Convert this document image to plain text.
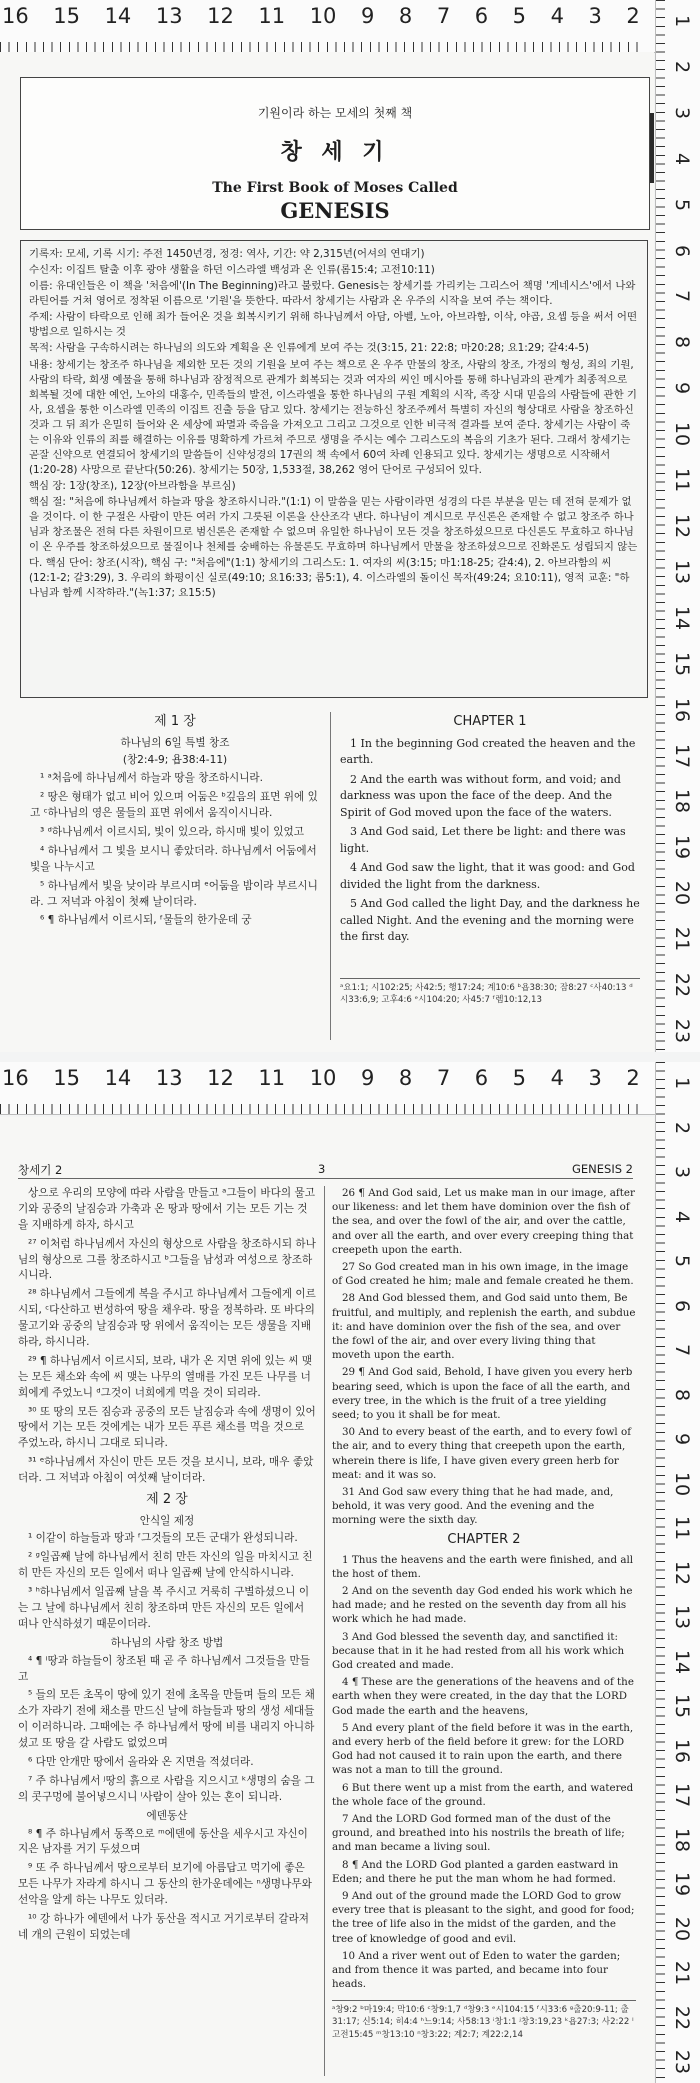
16 15 14 13 12 11 10 9 8 7 6 5 4 3 2 1
2
3
4
5
6
7
8
9
10
11
12
13
14
15
16
17
18
19
20
21
22
23
기원이라 하는 모세의 첫째 책
창 세 기
The First Book of Moses Called
GENESIS

기록자: 모세, 기록 시기: 주전 1450년경, 정경: 역사, 기간: 약 2,315년(어셔의 연대기)

수신자: 이집트 탈출 이후 광야 생활을 하던 이스라엘 백성과 온 인류(롬15:4; 고전10:11)

이름: 유대인들은 이 책을 '처음에'(In The Beginning)라고 불렀다. Genesis는 창세기를 가리키는 그리스어 책명 '게네시스'에서 나와 라틴어를 거쳐 영어로 정착된 이름으로 '기원'을 뜻한다. 따라서 창세기는 사람과 온 우주의 시작을 보여 주는 책이다.

주제: 사람이 타락으로 인해 죄가 들어온 것을 회복시키기 위해 하나님께서 아담, 아벨, 노아, 아브라함, 이삭, 야곱, 요셉 등을 써서 어떤 방법으로 일하시는 것

목적: 사람을 구속하시려는 하나님의 의도와 계획을 온 인류에게 보여 주는 것(3:15, 21: 22:8; 마20:28; 요1:29; 갈4:4-5)

내용: 창세기는 창조주 하나님을 제외한 모든 것의 기원을 보여 주는 책으로 온 우주 만물의 창조, 사람의 창조, 가정의 형성, 죄의 기원, 사람의 타락, 희생 예물을 통해 하나님과 잠정적으로 관계가 회복되는 것과 여자의 씨인 메시아를 통해 하나님과의 관계가 최종적으로 회복될 것에 대한 예언, 노아의 대홍수, 민족들의 발전, 이스라엘을 통한 하나님의 구원 계획의 시작, 족장 시대 믿음의 사람들에 관한 기사, 요셉을 통한 이스라엘 민족의 이집트 진출 등을 담고 있다. 창세기는 전능하신 창조주께서 특별히 자신의 형상대로 사람을 창조하신 것과 그 뒤 죄가 은밀히 들어와 온 세상에 파멸과 죽음을 가져오고 그리고 그것으로 인한 비극적 결과를 보여 준다. 창세기는 사람이 죽는 이유와 인류의 죄를 해결하는 이유를 명확하게 가르쳐 주므로 생명을 주시는 예수 그리스도의 복음의 기초가 된다. 그래서 창세기는 곧잘 신약으로 연결되어 창세기의 말씀들이 신약성경의 17권의 책 속에서 60여 차례 인용되고 있다. 창세기는 생명으로 시작해서(1:20-28) 사망으로 끝난다(50:26). 창세기는 50장, 1,533절, 38,262 영어 단어로 구성되어 있다.

핵심 장: 1장(창조), 12장(아브라함을 부르심)

핵심 절: "처음에 하나님께서 하늘과 땅을 창조하시니라."(1:1) 이 말씀을 믿는 사람이라면 성경의 다른 부분을 믿는 데 전혀 문제가 없을 것이다. 이 한 구절은 사람이 만든 여러 가지 그릇된 이론을 산산조각 낸다. 하나님이 계시므로 무신론은 존재할 수 없고 창조주 하나님과 창조물은 전혀 다른 차원이므로 범신론은 존재할 수 없으며 유일한 하나님이 모든 것을 창조하셨으므로 다신론도 무효하고 하나님이 온 우주를 창조하셨으므로 물질이나 천체를 숭배하는 유물론도 무효하며 하나님께서 만물을 창조하셨으므로 진화론도 성립되지 않는다. 핵심 단어: 창조(시작), 핵심 구: "처음에"(1:1) 창세기의 그리스도: 1. 여자의 씨(3:15; 마1:18-25; 갈4:4), 2. 아브라함의 씨(12:1-2; 갈3:29), 3. 우리의 화평이신 실로(49:10; 요16:33; 롬5:1), 4. 이스라엘의 돌이신 목자(49:24; 요10:11), 영적 교훈: "하나님과 함께 시작하라."(녹1:37; 요15:5)

제 1 장
하나님의 6일 특별 창조
(창2:4-9; 욥38:4-11)

¹ ᵃ처음에 하나님께서 하늘과 땅을 창조하시니라.

² 땅은 형태가 없고 비어 있으며 어둠은 ᵇ깊음의 표면 위에 있고 ᶜ하나님의 영은 물들의 표면 위에서 움직이시니라.

³ ᵈ하나님께서 이르시되, 빛이 있으라, 하시매 빛이 있었고

⁴ 하나님께서 그 빛을 보시니 좋았더라. 하나님께서 어둠에서 빛을 나누시고

⁵ 하나님께서 빛을 낮이라 부르시며 ᵉ어둠을 밤이라 부르시니라. 그 저녁과 아침이 첫째 날이더라.

⁶ ¶ 하나님께서 이르시되, ᶠ물들의 한가운데 궁

CHAPTER 1

1 In the beginning God created the heaven and the earth.

2 And the earth was without form, and void; and darkness was upon the face of the deep. And the Spirit of God moved upon the face of the waters.

3 And God said, Let there be light: and there was light.

4 And God saw the light, that it was good: and God divided the light from the darkness.

5 And God called the light Day, and the darkness he called Night. And the evening and the morning were the first day.

ᵃ요1:1; 시102:25; 사42:5; 행17:24; 계10:6 ᵇ욥38:30; 잠8:27 ᶜ사40:13 ᵈ시33:6,9; 고후4:6 ᵉ시104:20; 사45:7 ᶠ렘10:12,13
16 15 14 13 12 11 10 9 8 7 6 5 4 3 2 1
2
3
4
5
6
7
8
9
10
11
12
13
14
15
16
17
18
19
20
21
22
23
창세기 2	3	GENESIS 2

상으로 우리의 모양에 따라 사람을 만들고 ᵃ그들이 바다의 물고기와 공중의 날짐승과 가축과 온 땅과 땅에서 기는 모든 기는 것을 지배하게 하자, 하시고

²⁷ 이처럼 하나님께서 자신의 형상으로 사람을 창조하시되 하나님의 형상으로 그를 창조하시고 ᵇ그들을 남성과 여성으로 창조하시니라.

²⁸ 하나님께서 그들에게 복을 주시고 하나님께서 그들에게 이르시되, ᶜ다산하고 번성하여 땅을 채우라. 땅을 정복하라. 또 바다의 물고기와 공중의 날짐승과 땅 위에서 움직이는 모든 생물을 지배하라, 하시니라.

²⁹ ¶ 하나님께서 이르시되, 보라, 내가 온 지면 위에 있는 씨 맺는 모든 채소와 속에 씨 맺는 나무의 열매를 가진 모든 나무를 너희에게 주었노니 ᵈ그것이 너희에게 먹을 것이 되리라.

³⁰ 또 땅의 모든 짐승과 공중의 모든 날짐승과 속에 생명이 있어 땅에서 기는 모든 것에게는 내가 모든 푸른 채소를 먹을 것으로 주었노라, 하시니 그대로 되니라.

³¹ ᵉ하나님께서 자신이 만든 모든 것을 보시니, 보라, 매우 좋았더라. 그 저녁과 아침이 여섯째 날이더라.

제 2 장
안식일 제정

¹ 이같이 하늘들과 땅과 ᶠ그것들의 모든 군대가 완성되니라.

² ᵍ일곱째 날에 하나님께서 친히 만든 자신의 일을 마치시고 친히 만든 자신의 모든 일에서 떠나 일곱째 날에 안식하시니라.

³ ʰ하나님께서 일곱째 날을 복 주시고 거룩히 구별하셨으니 이는 그 날에 하나님께서 친히 창조하며 만든 자신의 모든 일에서 떠나 안식하셨기 때문이더라.

하나님의 사람 창조 방법

⁴ ¶ ⁱ땅과 하늘들이 창조된 때 곧 주 하나님께서 그것들을 만들고

⁵ 들의 모든 초목이 땅에 있기 전에 초목을 만들며 들의 모든 채소가 자라기 전에 채소를 만드신 날에 하늘들과 땅의 생성 세대들이 이러하니라. 그때에는 주 하나님께서 땅에 비를 내리지 아니하셨고 또 땅을 갈 사람도 없었으며

⁶ 다만 안개만 땅에서 올라와 온 지면을 적셨더라.

⁷ 주 하나님께서 ʲ땅의 흙으로 사람을 지으시고 ᵏ생명의 숨을 그의 콧구멍에 불어넣으시니 ˡ사람이 살아 있는 혼이 되니라.

에덴동산

⁸ ¶ 주 하나님께서 동쪽으로 ᵐ에덴에 동산을 세우시고 자신이 지은 남자를 거기 두셨으며

⁹ 또 주 하나님께서 땅으로부터 보기에 아름답고 먹기에 좋은 모든 나무가 자라게 하시니 그 동산의 한가운데에는 ⁿ생명나무와 선악을 알게 하는 나무도 있더라.

¹⁰ 강 하나가 에덴에서 나가 동산을 적시고 거기로부터 갈라져 네 개의 근원이 되었는데

26 ¶ And God said, Let us make man in our image, after our likeness: and let them have dominion over the fish of the sea, and over the fowl of the air, and over the cattle, and over all the earth, and over every creeping thing that creepeth upon the earth.

27 So God created man in his own image, in the image of God created he him; male and female created he them.

28 And God blessed them, and God said unto them, Be fruitful, and multiply, and replenish the earth, and subdue it: and have dominion over the fish of the sea, and over the fowl of the air, and over every living thing that moveth upon the earth.

29 ¶ And God said, Behold, I have given you every herb bearing seed, which is upon the face of all the earth, and every tree, in the which is the fruit of a tree yielding seed; to you it shall be for meat.

30 And to every beast of the earth, and to every fowl of the air, and to every thing that creepeth upon the earth, wherein there is life, I have given every green herb for meat: and it was so.

31 And God saw every thing that he had made, and, behold, it was very good. And the evening and the morning were the sixth day.

CHAPTER 2

1 Thus the heavens and the earth were finished, and all the host of them.

2 And on the seventh day God ended his work which he had made; and he rested on the seventh day from all his work which he had made.

3 And God blessed the seventh day, and sanctified it: because that in it he had rested from all his work which God created and made.

4 ¶ These are the generations of the heavens and of the earth when they were created, in the day that the LORD God made the earth and the heavens,

5 And every plant of the field before it was in the earth, and every herb of the field before it grew: for the LORD God had not caused it to rain upon the earth, and there was not a man to till the ground.

6 But there went up a mist from the earth, and watered the whole face of the ground.

7 And the LORD God formed man of the dust of the ground, and breathed into his nostrils the breath of life; and man became a living soul.

8 ¶ And the LORD God planted a garden eastward in Eden; and there he put the man whom he had formed.

9 And out of the ground made the LORD God to grow every tree that is pleasant to the sight, and good for food; the tree of life also in the midst of the garden, and the tree of knowledge of good and evil.

10 And a river went out of Eden to water the garden; and from thence it was parted, and became into four heads.

ᵃ창9:2 ᵇ마19:4; 막10:6 ᶜ창9:1,7 ᵈ창9:3 ᵉ시104:15 ᶠ시33:6 ᵍ출20:9-11; 출31:17; 신5:14; 히4:4 ʰ느9:14; 사58:13 ⁱ창1:1 ʲ창3:19,23 ᵏ욥27:3; 사2:22 ˡ고전15:45 ᵐ창13:10 ⁿ창3:22; 계2:7; 계22:2,14
